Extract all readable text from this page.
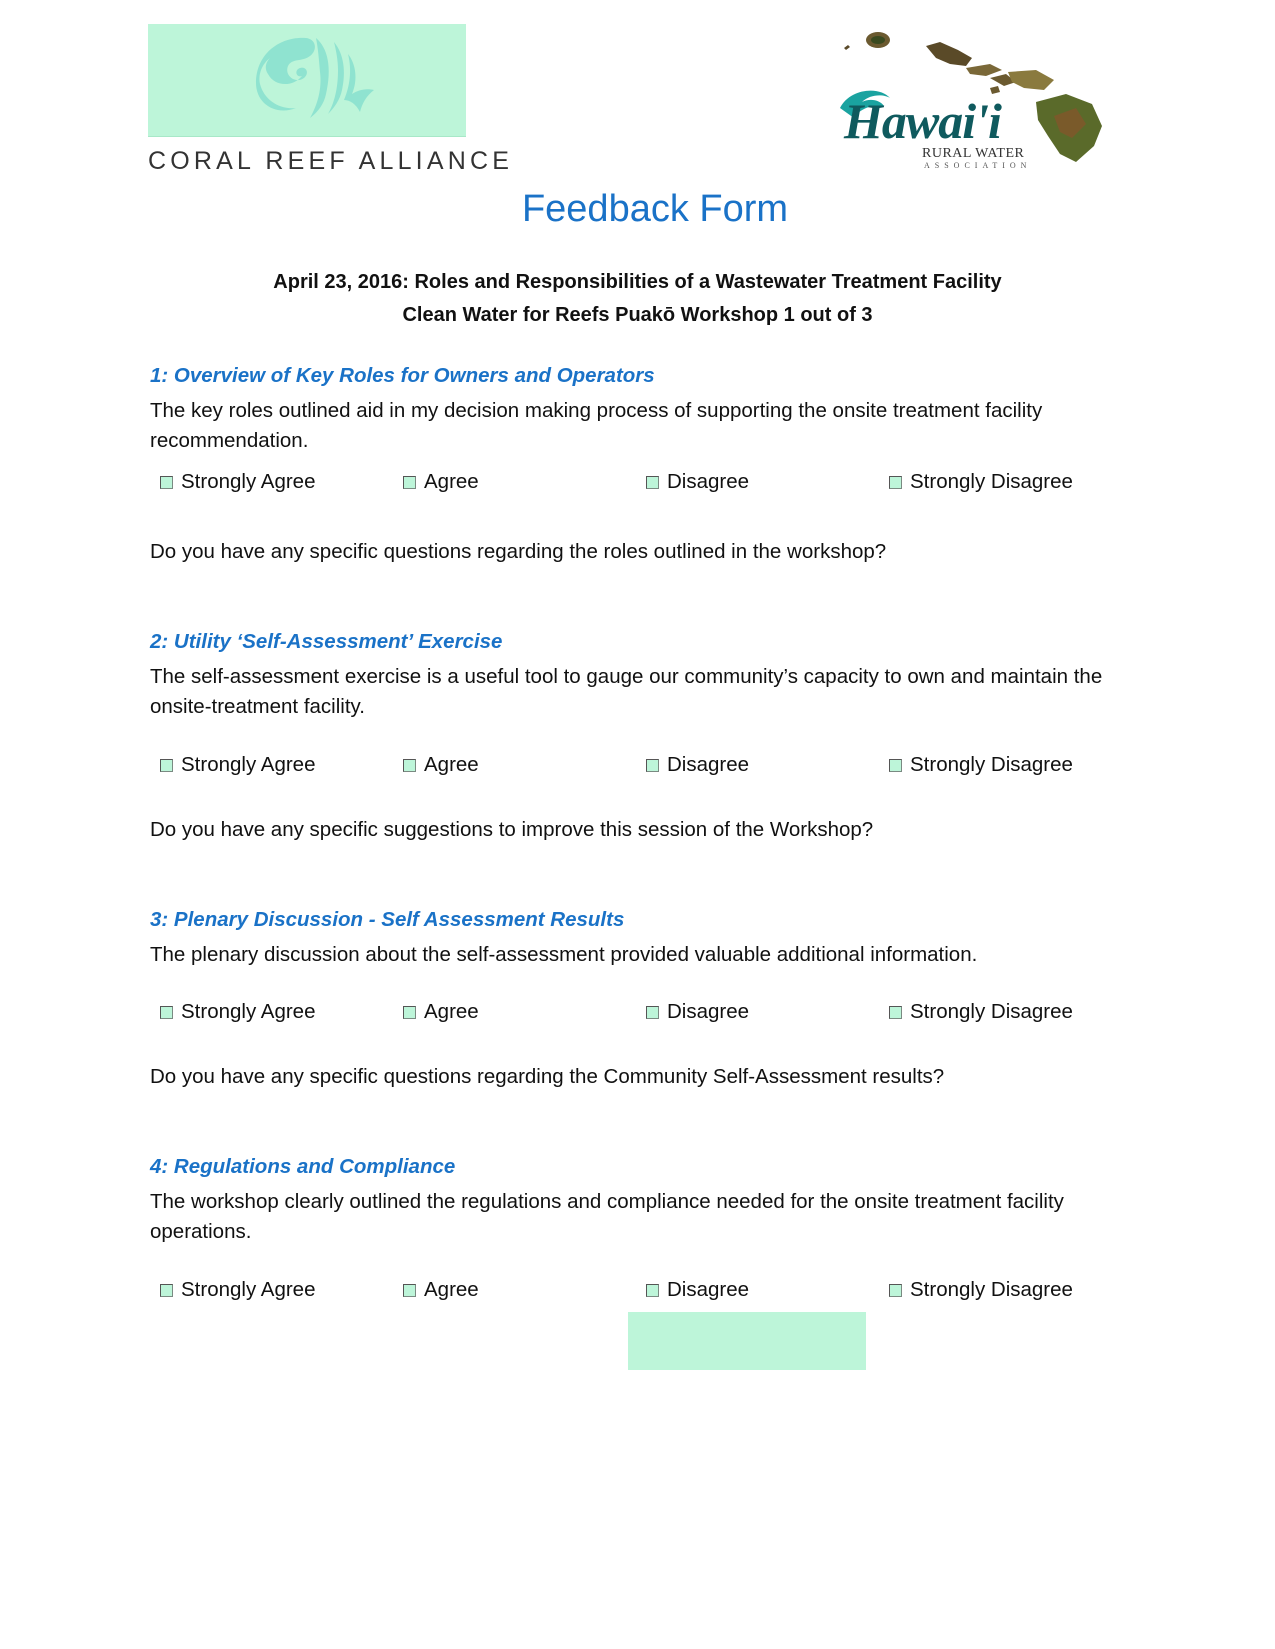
CORAL REEF ALLIANCE
Hawai'i
RURAL WATER
ASSOCIATION
Feedback Form

April 23, 2016: Roles and Responsibilities of a Wastewater Treatment Facility

Clean Water for Reefs Puakō Workshop 1 out of 3

1: Overview of Key Roles for Owners and Operators

The key roles outlined aid in my decision making process of supporting the onsite treatment facility recommendation.

Strongly Agree	Agree	Disagree	Strongly Disagree

Do you have any specific questions regarding the roles outlined in the workshop?

2: Utility ‘Self-Assessment’ Exercise

The self-assessment exercise is a useful tool to gauge our community’s capacity to own and maintain the onsite-treatment facility.

Strongly Agree	Agree	Disagree	Strongly Disagree

Do you have any specific suggestions to improve this session of the Workshop?

3: Plenary Discussion - Self Assessment Results

The plenary discussion about the self-assessment provided valuable additional information.

Strongly Agree	Agree	Disagree	Strongly Disagree

Do you have any specific questions regarding the Community Self-Assessment results?

4: Regulations and Compliance

The workshop clearly outlined the regulations and compliance needed for the onsite treatment facility operations.

Strongly Agree	Agree	Disagree	Strongly Disagree
